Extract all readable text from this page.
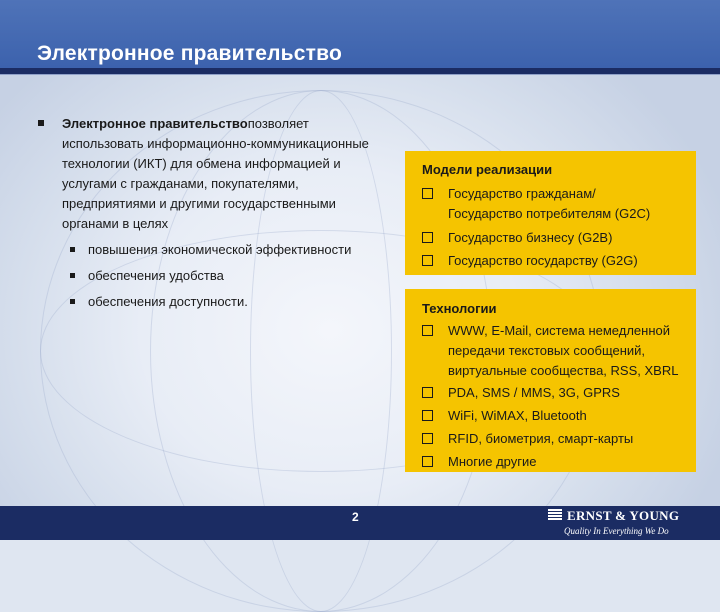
Электронное правительство
Электронное правительствопозволяет использовать информационно-коммуникационные технологии (ИКТ) для обмена информацией и услугами с гражданами, покупателями, предприятиями и другими государственными органами в целях
повышения экономической эффективности
обеспечения удобства
обеспечения доступности.
Модели реализации
Государство гражданам/
Государство потребителям (G2C)
Государство бизнесу (G2B)
Государство государству (G2G)
Технологии
WWW, E-Mail, система немедленной
передачи текстовых сообщений,
виртуальные сообщества, RSS, XBRL
PDA, SMS / MMS, 3G, GPRS
WiFi, WiMAX, Bluetooth
RFID, биометрия, смарт-карты
Многие другие
2	ERNST & YOUNG
Quality In Everything We Do
